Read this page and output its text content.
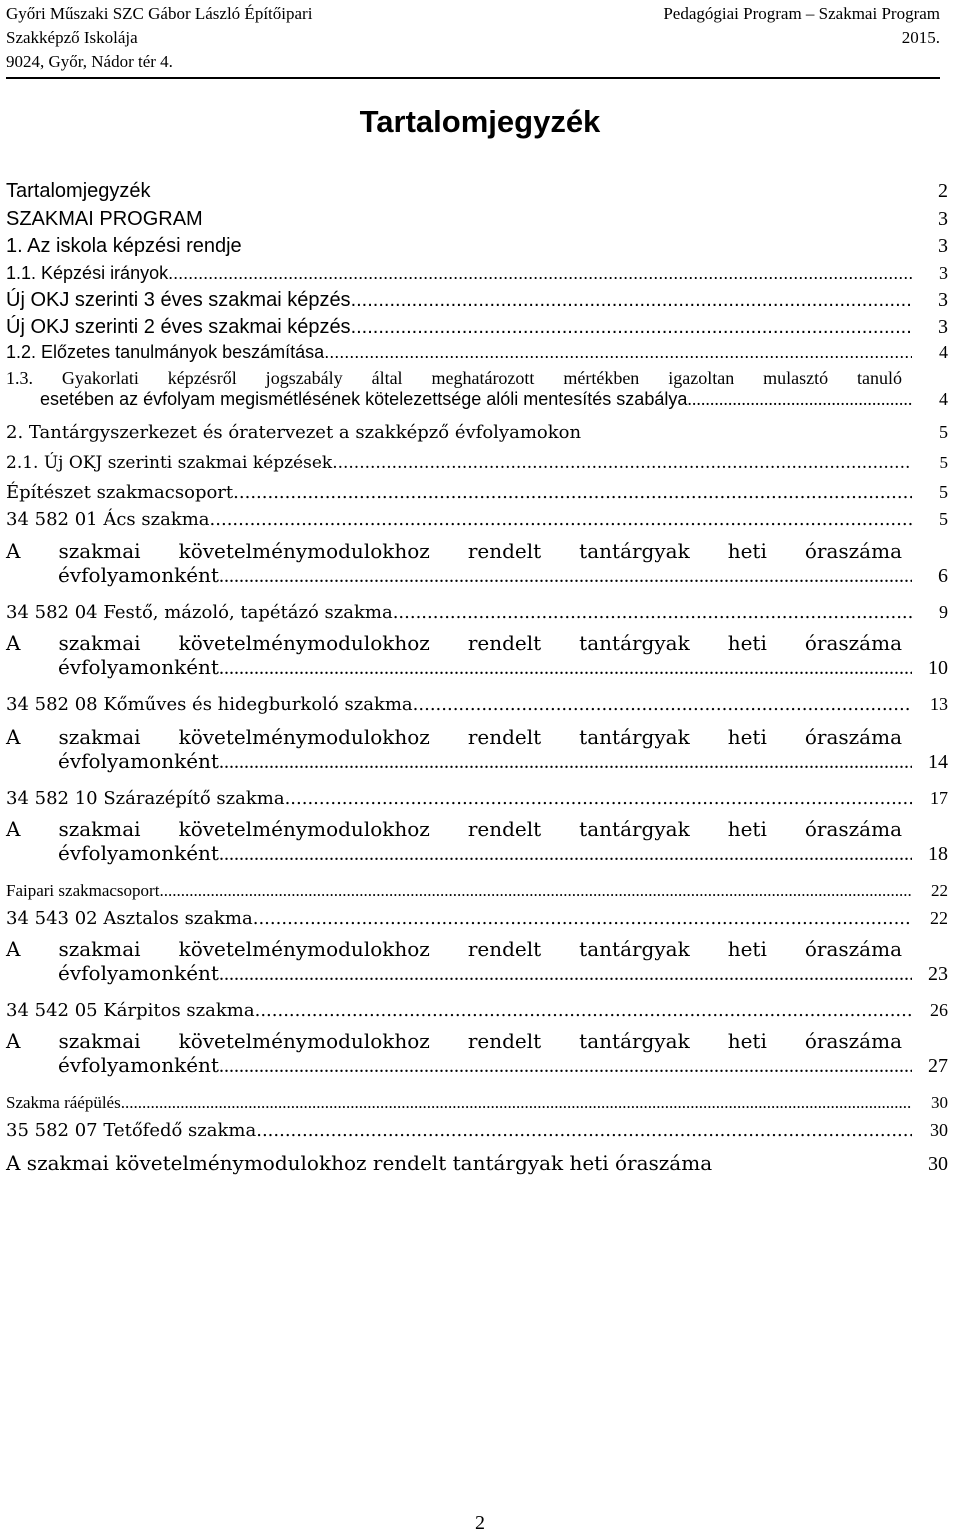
Győri Műszaki SZC Gábor László Építőipari	Pedagógiai Program – Szakmai Program
Szakképző Iskolája	2015.
9024, Győr, Nádor tér 4.
Tartalomjegyzék
Tartalomjegyzék	2
SZAKMAI PROGRAM	3
1. Az iskola képzési rendje	3
1.1. Képzési irányok .....	3
Új OKJ szerinti 3 éves szakmai képzés .....	3
Új OKJ szerinti 2 éves szakmai képzés .....	3
1.2. Előzetes tanulmányok beszámítása .....	4
1.3. Gyakorlati képzésről jogszabály által meghatározott mértékben igazoltan mulasztó tanuló
esetében az évfolyam megismétlésének kötelezettsége alóli mentesítés szabálya .....	4
2. Tantárgyszerkezet és óratervezet a szakképző évfolyamokon	5
2.1. Új OKJ szerinti szakmai képzések .....	5
Építészet szakmacsoport .....	5
34 582 01 Ács szakma .....	5
A szakmai követelménymodulokhoz rendelt tantárgyak heti óraszáma
évfolyamonként .....	6
34 582 04 Festő, mázoló, tapétázó szakma .....	9
A szakmai követelménymodulokhoz rendelt tantárgyak heti óraszáma
évfolyamonként .....	10
34 582 08 Kőműves és hidegburkoló szakma .....	13
A szakmai követelménymodulokhoz rendelt tantárgyak heti óraszáma
évfolyamonként .....	14
34 582 10 Szárazépítő szakma .....	17
A szakmai követelménymodulokhoz rendelt tantárgyak heti óraszáma
évfolyamonként .....	18
Faipari szakmacsoport .....	22
34 543 02 Asztalos szakma .....	22
A szakmai követelménymodulokhoz rendelt tantárgyak heti óraszáma
évfolyamonként .....	23
34 542 05 Kárpitos szakma .....	26
A szakmai követelménymodulokhoz rendelt tantárgyak heti óraszáma
évfolyamonként .....	27
Szakma ráépülés .....	30
35 582 07 Tetőfedő szakma .....	30
A szakmai követelménymodulokhoz rendelt tantárgyak heti óraszáma	30
2
